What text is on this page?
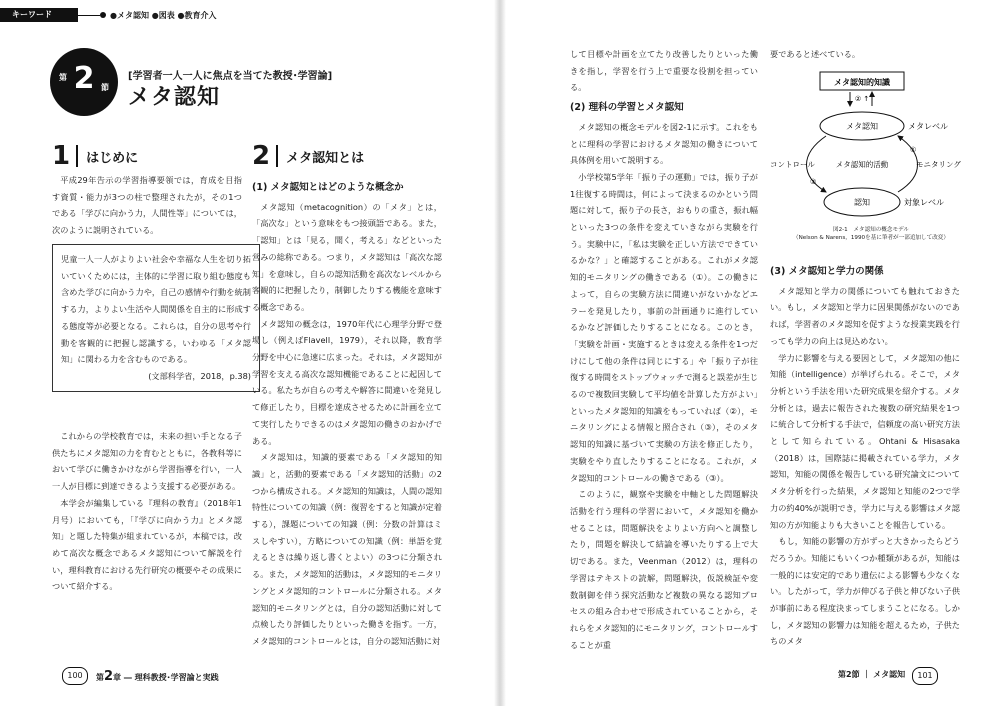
キーワード	●メタ認知 ●図表 ●教育介入
第 2 節
[学習者一人一人に焦点を当てた教授･学習論]
メタ認知
1 はじめに

平成29年告示の学習指導要領では，育成を目指す資質・能力が3つの柱で整理されたが，その1つである「学びに向かう力，人間性等」については，次のように説明されている。

児童一人一人がよりよい社会や幸福な人生を切り拓いていくためには，主体的に学習に取り組む態度も含めた学びに向かう力や，自己の感情や行動を統制する力，よりよい生活や人間関係を自主的に形成する態度等が必要となる。これらは，自分の思考や行動を客観的に把握し認識する，いわゆる「メタ認知」に関わる力を含むものである。
(文部科学省，2018，p.38)

これからの学校教育では，未来の担い手となる子供たちにメタ認知の力を育むとともに，各教科等において学びに働きかけながら学習指導を行い，一人一人が目標に到達できるよう支援する必要がある。

本学会が編集している『理科の教育』（2018年1月号）においても，「『学びに向かう力』とメタ認知」と題した特集が組まれているが，本稿では，改めて高次な概念であるメタ認知について解説を行い，理科教育における先行研究の概要やその成果について紹介する。

2 メタ認知とは
(1) メタ認知とはどのような概念か

メタ認知（metacognition）の「メタ」とは，「高次な」という意味をもつ接頭語である。また，「認知」とは「見る，聞く，考える」などといった営みの総称である。つまり，メタ認知は「高次な認知」を意味し，自らの認知活動を高次なレベルから客観的に把握したり，制御したりする機能を意味する概念である。

メタ認知の概念は，1970年代に心理学分野で登場し（例えばFlavell，1979），それ以降，教育学分野を中心に急速に広まった。それは，メタ認知が学習を支える高次な認知機能であることに起因している。私たちが自らの考えや解答に間違いを発見して修正したり，目標を達成させるために計画を立てて実行したりできるのはメタ認知の働きのおかげである。

メタ認知は，知識的要素である「メタ認知的知識」と，活動的要素である「メタ認知的活動」の2つから構成される。メタ認知的知識は，人間の認知特性についての知識（例：復習をすると知識が定着する），課題についての知識（例：分数の計算はミスしやすい），方略についての知識（例：単語を覚えるときは繰り返し書くとよい）の3つに分類される。また，メタ認知的活動は，メタ認知的モニタリングとメタ認知的コントロールに分類される。メタ認知的モニタリングとは，自分の認知活動に対して点検したり評価したりといった働きを指す。一方，メタ認知的コントロールとは，自分の認知活動に対

100	第2章 ― 理科教授･学習論と実践

して目標や計画を立てたり改善したりといった働きを指し，学習を行う上で重要な役割を担っている。

(2) 理科の学習とメタ認知

メタ認知の概念モデルを図2-1に示す。これをもとに理科の学習におけるメタ認知の働きについて具体例を用いて説明する。

小学校第5学年「振り子の運動」では，振り子が1往復する時間は，何によって決まるのかという問題に対して，振り子の長さ，おもりの重さ，振れ幅といった3つの条件を変えていきながら実験を行う。実験中に，「私は実験を正しい方法でできているかな？」と確認することがある。これがメタ認知的モニタリングの働きである（①）。この働きによって，自らの実験方法に間違いがないかなどエラーを発見したり，事前の計画通りに進行しているかなど評価したりすることになる。このとき，「実験を計画・実施するときは変える条件を1つだけにして他の条件は同じにする」や「振り子が往復する時間をストップウォッチで測ると誤差が生じるので複数回実験して平均値を計算した方がよい」といったメタ認知的知識をもっていれば（②），モニタリングによる情報と照合され（③），そのメタ認知的知識に基づいて実験の方法を修正したり，実験をやり直したりすることになる。これが，メタ認知的コントロールの働きである（③）。

このように，観察や実験を中軸とした問題解決活動を行う理科の学習において，メタ認知を働かせることは，問題解決をよりよい方向へと調整したり，問題を解決して結論を導いたりする上で大切である。また，Veenman（2012）は，理科の学習はテキストの読解，問題解決，仮説検証や変数制御を伴う探究活動など複数の異なる認知プロセスの組み合わせで形成されていることから，それらをメタ認知的にモニタリング，コントロールすることが重

要であると述べている。

メタ認知的知識
② ↑
メタ認知	メタレベル
認知	対象レベル
メタ認知的活動
コントロール	モニタリング
③
①
図2-1　メタ認知の概念モデル
（Nelson & Narens，1990を基に筆者が一部追加して改変）
(3) メタ認知と学力の関係

メタ認知と学力の関係についても触れておきたい。もし，メタ認知と学力に因果関係がないのであれば，学習者のメタ認知を促すような授業実践を行っても学力の向上は見込めない。

学力に影響を与える要因として，メタ認知の他に知能（intelligence）が挙げられる。そこで，メタ分析という手法を用いた研究成果を紹介する。メタ分析とは，過去に報告された複数の研究結果を1つに統合して分析する手法で，信頼度の高い研究方法として知られている。Ohtani & Hisasaka（2018）は，国際誌に掲載されている学力，メタ認知，知能の関係を報告している研究論文についてメタ分析を行った結果，メタ認知と知能の2つで学力の約40%が説明でき，学力に与える影響はメタ認知の方が知能よりも大きいことを報告している。

もし，知能の影響の方がずっと大きかったらどうだろうか。知能にもいくつか種類があるが，知能は一般的には安定的であり遺伝による影響も少なくない。したがって，学力が伸びる子供と伸びない子供が事前にある程度決まってしまうことになる。しかし，メタ認知の影響力は知能を超えるため，子供たちのメタ

第2節 ｜ メタ認知	101
